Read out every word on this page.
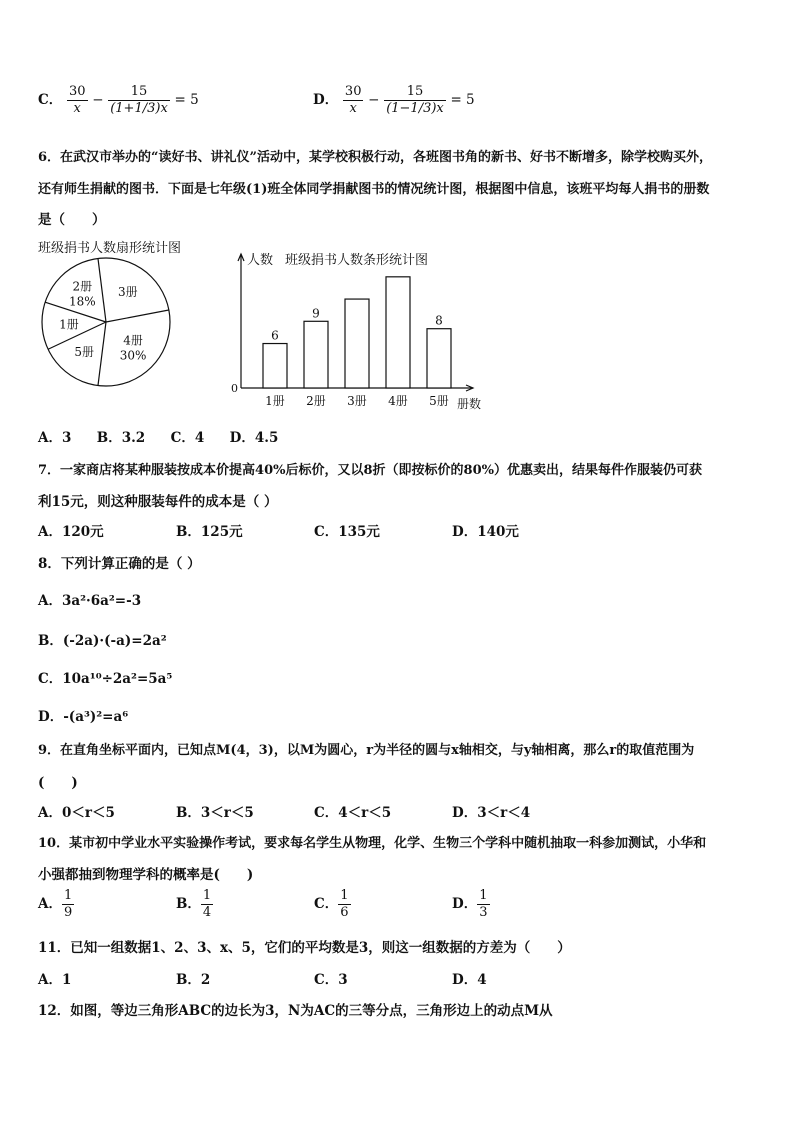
C． $\frac{30}{x} - \frac{15}{(1+1/3)x} = 5$	D． $\frac{30}{x} - \frac{15}{(1-1/3)x} = 5$
6．在武汉市举办的“读好书、讲礼仪”活动中，某学校积极行动，各班图书角的新书、好书不断增多，除学校购买外，
还有师生捐献的图书．下面是七年级(1)班全体同学捐献图书的情况统计图，根据图中信息，该班平均每人捐书的册数
是（　　）
班级捐书人数扇形统计图
2册
18%
3册
4册
30%
5册
1册
人数 班级捐书人数条形统计图
0
册数
6
1册
9
2册 3册 4册
8
5册
A．3 B．3.2 C．4 D．4.5
7．一家商店将某种服装按成本价提高40%后标价，又以8折（即按标价的80%）优惠卖出，结果每件作服装仍可获
利15元，则这种服装每件的成本是（ ）
A．120元	B．125元	C．135元	D．140元
8．下列计算正确的是（ ）
A．3a²·6a²=-3
B．(-2a)·(-a)=2a²
C．10a¹⁰÷2a²=5a⁵
D．-(a³)²=a⁶
9．在直角坐标平面内，已知点M(4，3)，以M为圆心，r为半径的圆与x轴相交，与y轴相离，那么r的取值范围为
(　　)
A．0＜r＜5	B．3＜r＜5	C．4＜r＜5	D．3＜r＜4
10．某市初中学业水平实验操作考试，要求每名学生从物理，化学、生物三个学科中随机抽取一科参加测试，小华和
小强都抽到物理学科的概率是(　　)
A． $\frac{1}{9}$	B． $\frac{1}{4}$	C． $\frac{1}{6}$	D． $\frac{1}{3}$
11．已知一组数据1、2、3、x、5，它们的平均数是3，则这一组数据的方差为（　　）
A．1	B．2	C．3	D．4
12．如图，等边三角形ABC的边长为3，N为AC的三等分点，三角形边上的动点M从
